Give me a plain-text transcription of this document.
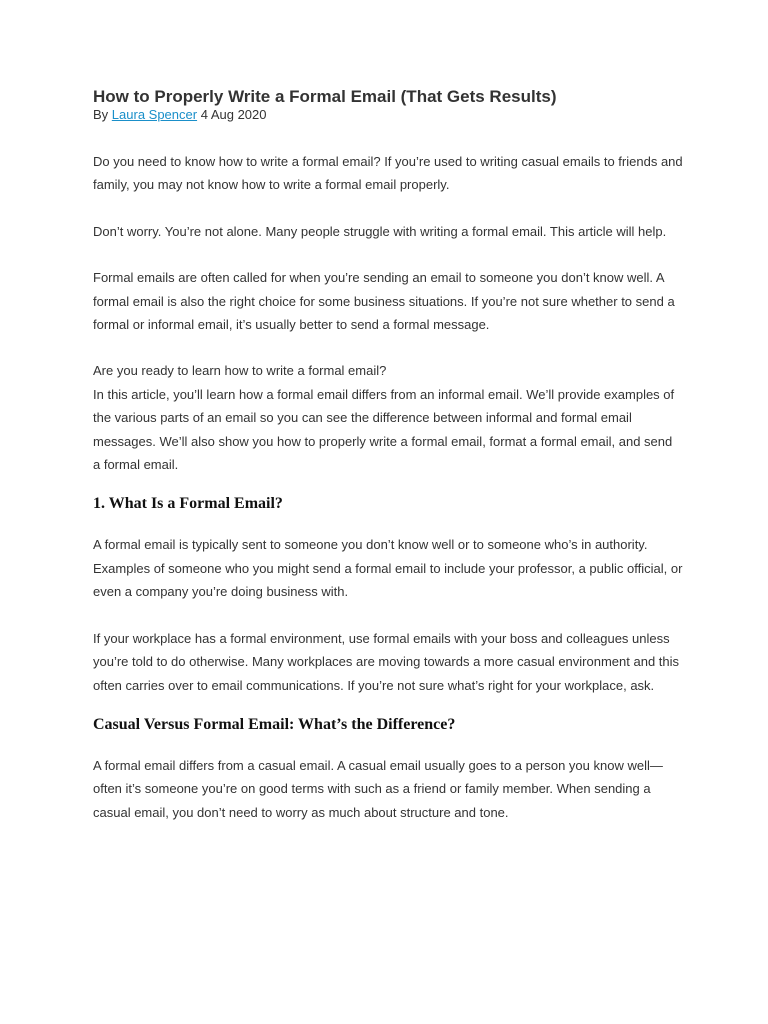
How to Properly Write a Formal Email (That Gets Results)
By Laura Spencer 4 Aug 2020

Do you need to know how to write a formal email? If you’re used to writing casual emails to friends and family, you may not know how to write a formal email properly.

Don’t worry. You’re not alone. Many people struggle with writing a formal email. This article will help.

Formal emails are often called for when you’re sending an email to someone you don’t know well. A formal email is also the right choice for some business situations. If you’re not sure whether to send a formal or informal email, it’s usually better to send a formal message.

Are you ready to learn how to write a formal email?

In this article, you’ll learn how a formal email differs from an informal email. We’ll provide examples of the various parts of an email so you can see the difference between informal and formal email messages. We’ll also show you how to properly write a formal email, format a formal email, and send a formal email.

1. What Is a Formal Email?

A formal email is typically sent to someone you don’t know well or to someone who’s in authority. Examples of someone who you might send a formal email to include your professor, a public official, or even a company you’re doing business with.

If your workplace has a formal environment, use formal emails with your boss and colleagues unless you’re told to do otherwise. Many workplaces are moving towards a more casual environment and this often carries over to email communications. If you’re not sure what’s right for your workplace, ask.

Casual Versus Formal Email: What’s the Difference?

A formal email differs from a casual email. A casual email usually goes to a person you know well—often it’s someone you’re on good terms with such as a friend or family member. When sending a casual email, you don’t need to worry as much about structure and tone.
